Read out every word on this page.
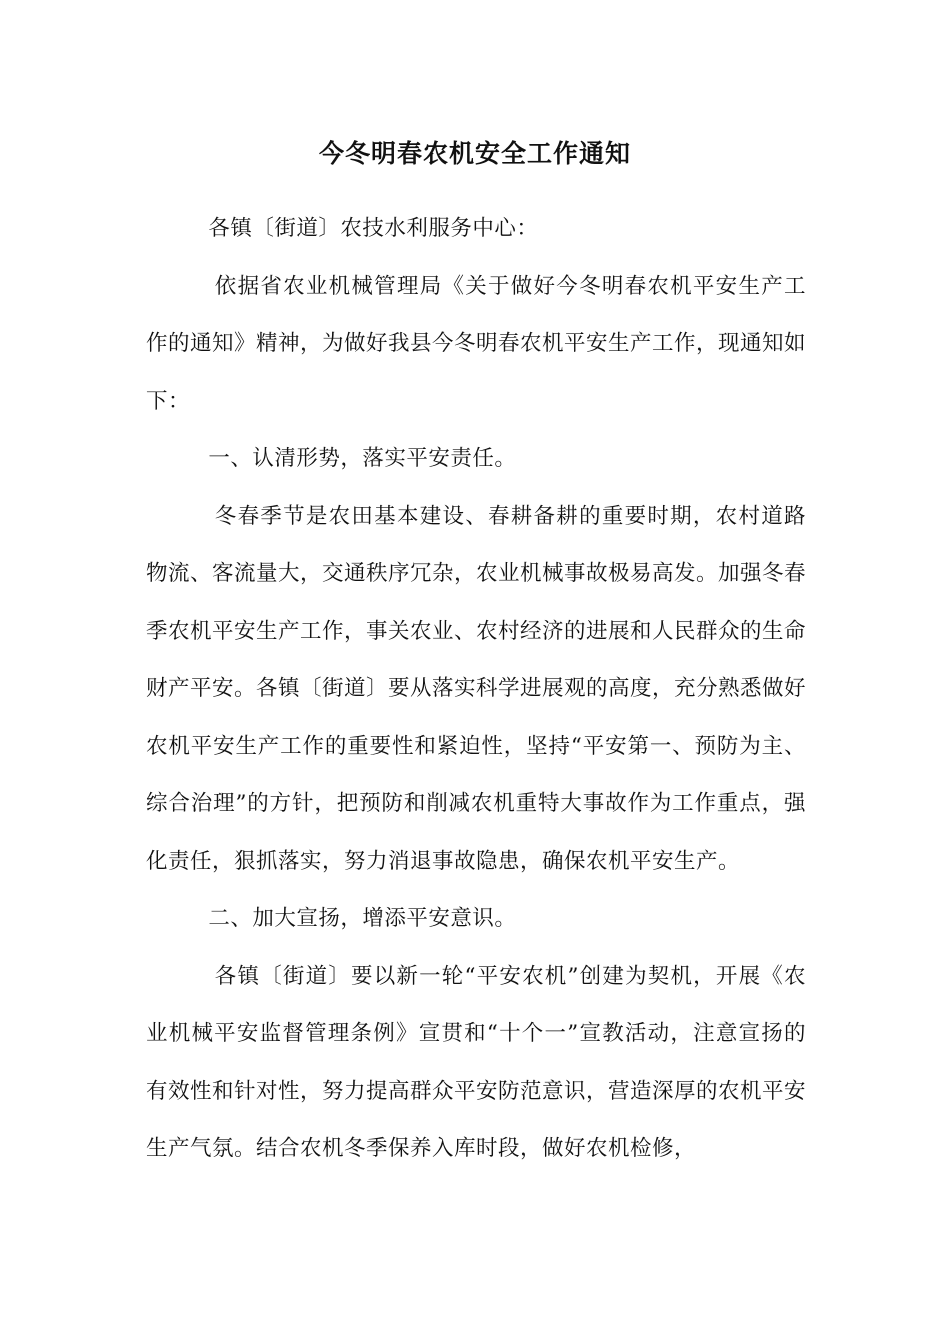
今冬明春农机安全工作通知

各镇〔街道〕农技水利服务中心：

依据省农业机械管理局《关于做好今冬明春农机平安生产工作的通知》精神，为做好我县今冬明春农机平安生产工作，现通知如下：

一、认清形势，落实平安责任。

冬春季节是农田基本建设、春耕备耕的重要时期，农村道路物流、客流量大，交通秩序冗杂，农业机械事故极易高发。加强冬春季农机平安生产工作，事关农业、农村经济的进展和人民群众的生命财产平安。各镇〔街道〕要从落实科学进展观的高度，充分熟悉做好农机平安生产工作的重要性和紧迫性，坚持“平安第一、预防为主、综合治理”的方针，把预防和削减农机重特大事故作为工作重点，强化责任，狠抓落实，努力消退事故隐患，确保农机平安生产。

二、加大宣扬，增添平安意识。

各镇〔街道〕要以新一轮“平安农机”创建为契机，开展《农业机械平安监督管理条例》宣贯和“十个一”宣教活动，注意宣扬的有效性和针对性，努力提高群众平安防范意识，营造深厚的农机平安生产气氛。结合农机冬季保养入库时段，做好农机检修，
